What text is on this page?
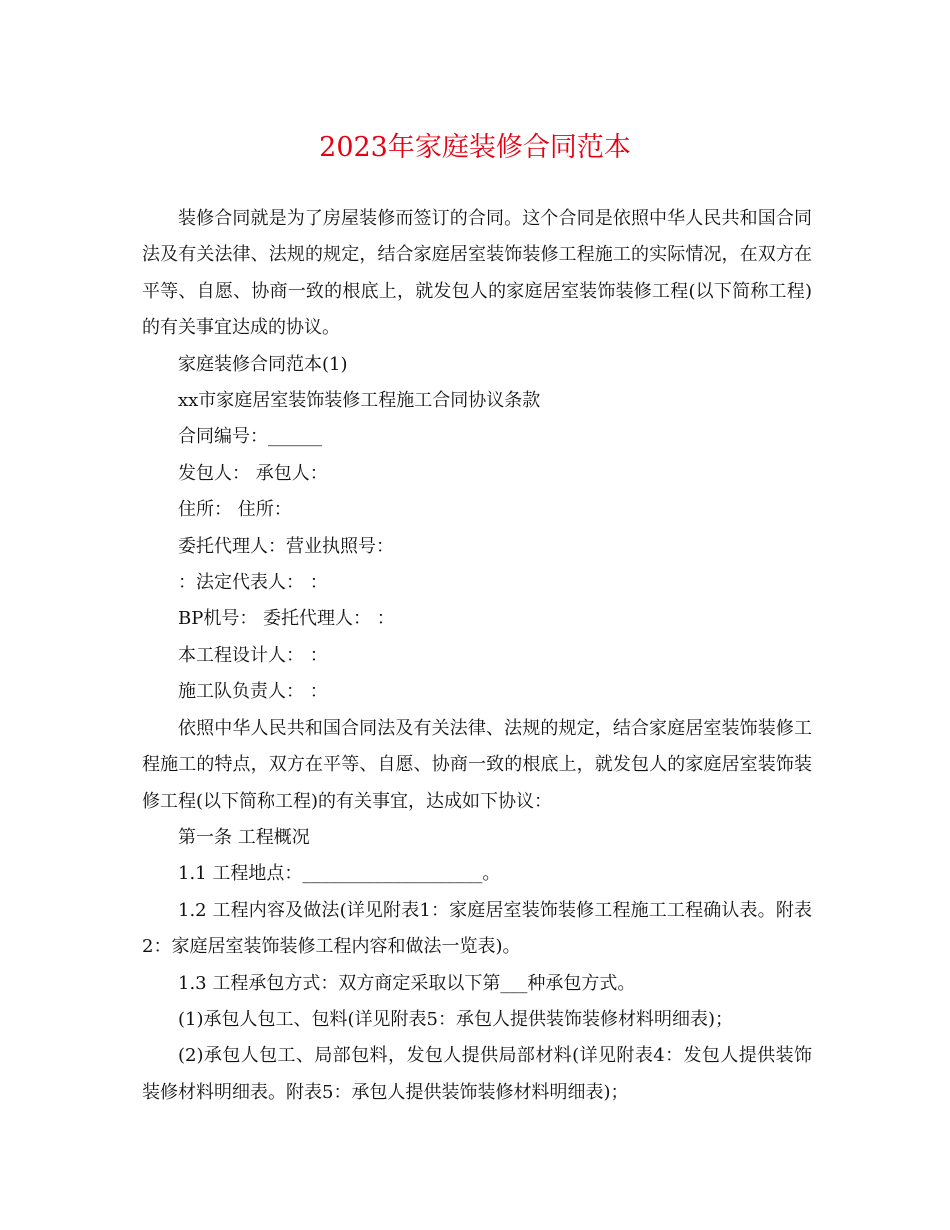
2023年家庭装修合同范本

装修合同就是为了房屋装修而签订的合同。这个合同是依照中华人民共和国合同法及有关法律、法规的规定，结合家庭居室装饰装修工程施工的实际情况，在双方在平等、自愿、协商一致的根底上，就发包人的家庭居室装饰装修工程(以下简称工程)的有关事宜达成的协议。

家庭装修合同范本(1)

xx市家庭居室装饰装修工程施工合同协议条款

合同编号：______

发包人： 承包人：

住所： 住所：

委托代理人：营业执照号：

：法定代表人： ：

BP机号： 委托代理人： ：

本工程设计人： ：

施工队负责人： ：

依照中华人民共和国合同法及有关法律、法规的规定，结合家庭居室装饰装修工程施工的特点，双方在平等、自愿、协商一致的根底上，就发包人的家庭居室装饰装修工程(以下简称工程)的有关事宜，达成如下协议：

第一条 工程概况

1.1 工程地点：____________________。

1.2 工程内容及做法(详见附表1：家庭居室装饰装修工程施工工程确认表。附表2：家庭居室装饰装修工程内容和做法一览表)。

1.3 工程承包方式：双方商定采取以下第___种承包方式。

(1)承包人包工、包料(详见附表5：承包人提供装饰装修材料明细表)；

(2)承包人包工、局部包料，发包人提供局部材料(详见附表4：发包人提供装饰装修材料明细表。附表5：承包人提供装饰装修材料明细表)；
